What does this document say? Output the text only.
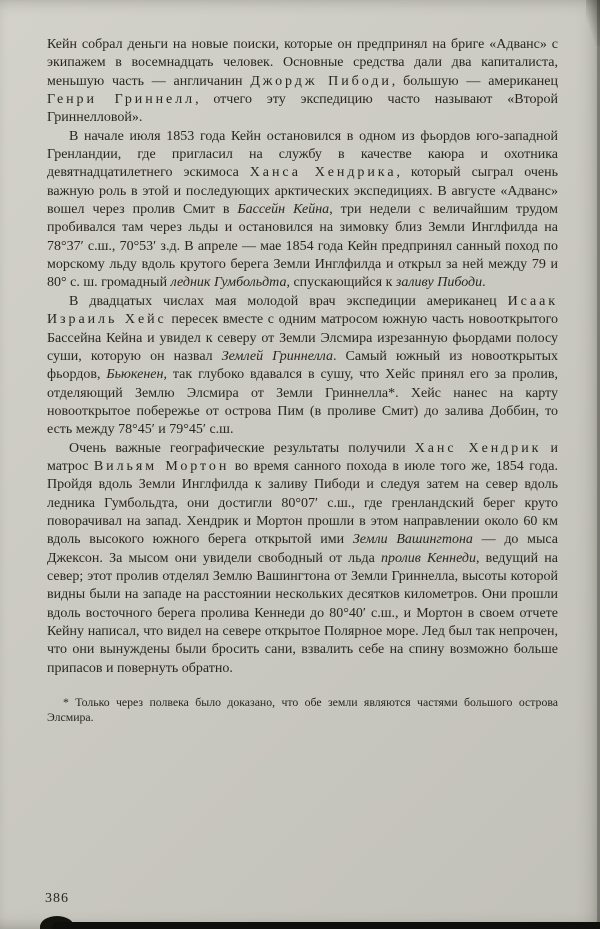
Кейн собрал деньги на новые поиски, которые он предпринял на бриге «Адванс» с экипажем в восемнадцать человек. Основные средства дали два капиталиста, меньшую часть — англичанин Джордж Пибоди, большую — американец Генри Гриннелл, отчего эту экспедицию часто называют «Второй Гриннелловой».

В начале июля 1853 года Кейн остановился в одном из фьордов юго-западной Гренландии, где пригласил на службу в качестве каюра и охотника девятнадцатилетнего эскимоса Ханса Хендрика, который сыграл очень важную роль в этой и последующих арктических экспедициях. В августе «Адванс» вошел через пролив Смит в Бассейн Кейна, три недели с величайшим трудом пробивался там через льды и остановился на зимовку близ Земли Инглфилда на 78°37′ с.ш., 70°53′ з.д. В апреле — мае 1854 года Кейн предпринял санный поход по морскому льду вдоль крутого берега Земли Инглфилда и открыл за ней между 79 и 80° с. ш. громадный ледник Гумбольдта, спускающийся к заливу Пибоди.

В двадцатых числах мая молодой врач экспедиции американец Исаак Израиль Хейс пересек вместе с одним матросом южную часть новооткрытого Бассейна Кейна и увидел к северу от Земли Элсмира изрезанную фьордами полосу суши, которую он назвал Землей Гриннелла. Самый южный из новооткрытых фьордов, Бьюкенен, так глубоко вдавался в сушу, что Хейс принял его за пролив, отделяющий Землю Элсмира от Земли Гриннелла*. Хейс нанес на карту новооткрытое побережье от острова Пим (в проливе Смит) до залива Доббин, то есть между 78°45′ и 79°45′ с.ш.

Очень важные географические результаты получили Ханс Хендрик и матрос Вильям Мортон во время санного похода в июле того же, 1854 года. Пройдя вдоль Земли Инглфилда к заливу Пибоди и следуя затем на север вдоль ледника Гумбольдта, они достигли 80°07′ с.ш., где гренландский берег круто поворачивал на запад. Хендрик и Мортон прошли в этом направлении около 60 км вдоль высокого южного берега открытой ими Земли Вашингтона — до мыса Джексон. За мысом они увидели свободный от льда пролив Кеннеди, ведущий на север; этот пролив отделял Землю Вашингтона от Земли Гриннелла, высоты которой видны были на западе на расстоянии нескольких десятков километров. Они прошли вдоль восточного берега пролива Кеннеди до 80°40′ с.ш., и Мортон в своем отчете Кейну написал, что видел на севере открытое Полярное море. Лед был так непрочен, что они вынуждены были бросить сани, взвалить себе на спину возможно больше припасов и повернуть обратно.

* Только через полвека было доказано, что обе земли являются частями большого острова Элсмира.

386
